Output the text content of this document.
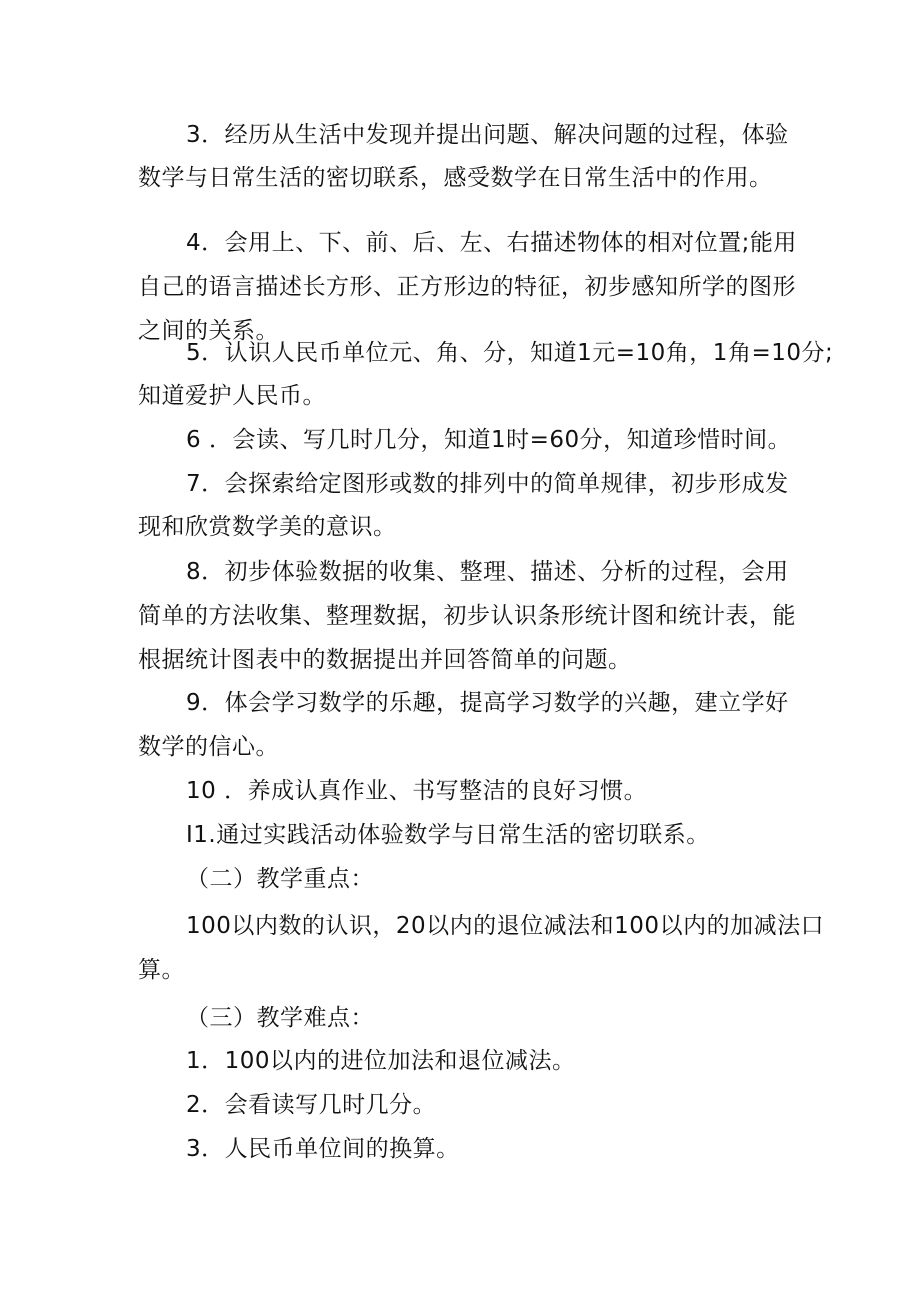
3．经历从生活中发现并提出问题、解决问题的过程，体验
数学与日常生活的密切联系，感受数学在日常生活中的作用。
4．会用上、下、前、后、左、右描述物体的相对位置;能用
自己的语言描述长方形、正方形边的特征，初步感知所学的图形
之间的关系。
5．认识人民币单位元、角、分，知道1元=10角，1角=10分;
知道爱护人民币。
6 ．会读、写几时几分，知道1时=60分，知道珍惜时间。
7．会探索给定图形或数的排列中的简单规律，初步形成发
现和欣赏数学美的意识。
8．初步体验数据的收集、整理、描述、分析的过程，会用
简单的方法收集、整理数据，初步认识条形统计图和统计表，能
根据统计图表中的数据提出并回答简单的问题。
9．体会学习数学的乐趣，提高学习数学的兴趣，建立学好
数学的信心。
10 ．养成认真作业、书写整洁的良好习惯。
I1.通过实践活动体验数学与日常生活的密切联系。
（二）教学重点：
100以内数的认识，20以内的退位减法和100以内的加减法口
算。
（三）教学难点：
1．100以内的进位加法和退位减法。
2．会看读写几时几分。
3．人民币单位间的换算。
